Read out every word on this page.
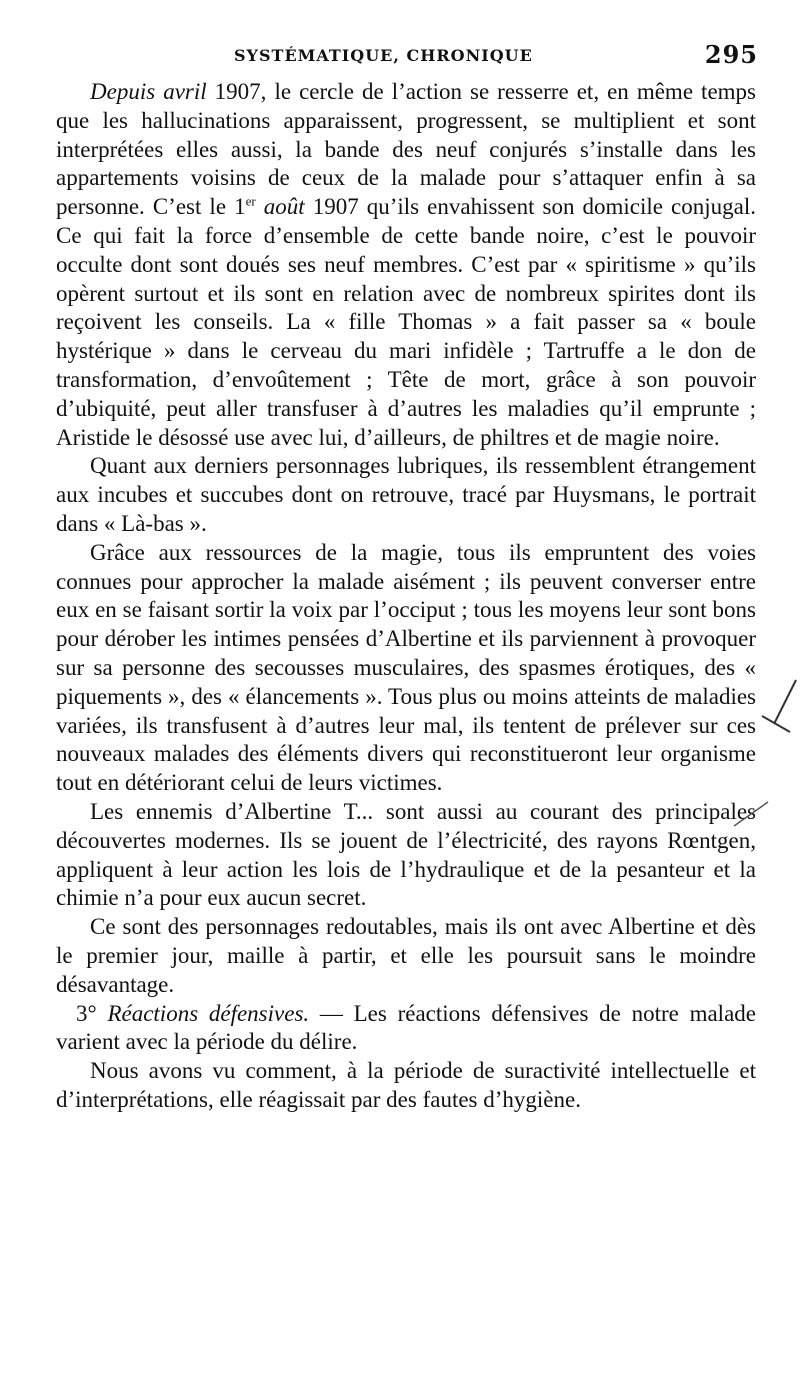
SYSTÉMATIQUE, CHRONIQUE	295

Depuis avril 1907, le cercle de l’action se resserre et, en même temps que les hallucinations apparaissent, progressent, se multiplient et sont interprétées elles aussi, la bande des neuf conjurés s’installe dans les appartements voisins de ceux de la malade pour s’attaquer enfin à sa personne. C’est le 1er août 1907 qu’ils envahissent son domicile conjugal. Ce qui fait la force d’ensemble de cette bande noire, c’est le pouvoir occulte dont sont doués ses neuf membres. C’est par « spiritisme » qu’ils opèrent surtout et ils sont en relation avec de nombreux spirites dont ils reçoivent les conseils. La « fille Thomas » a fait passer sa « boule hystérique » dans le cerveau du mari infidèle ; Tartruffe a le don de transformation, d’envoûtement ; Tête de mort, grâce à son pouvoir d’ubiquité, peut aller transfuser à d’autres les maladies qu’il emprunte ; Aristide le désossé use avec lui, d’ailleurs, de philtres et de magie noire.

Quant aux derniers personnages lubriques, ils ressemblent étrangement aux incubes et succubes dont on retrouve, tracé par Huysmans, le portrait dans « Là-bas ».

Grâce aux ressources de la magie, tous ils empruntent des voies connues pour approcher la malade aisément ; ils peuvent converser entre eux en se faisant sortir la voix par l’occiput ; tous les moyens leur sont bons pour dérober les intimes pensées d’Albertine et ils parviennent à provoquer sur sa personne des secousses musculaires, des spasmes érotiques, des « piquements », des « élancements ». Tous plus ou moins atteints de maladies variées, ils transfusent à d’autres leur mal, ils tentent de prélever sur ces nouveaux malades des éléments divers qui reconstitueront leur organisme tout en détériorant celui de leurs victimes.

Les ennemis d’Albertine T... sont aussi au courant des principales découvertes modernes. Ils se jouent de l’électricité, des rayons Rœntgen, appliquent à leur action les lois de l’hydraulique et de la pesanteur et la chimie n’a pour eux aucun secret.

Ce sont des personnages redoutables, mais ils ont avec Albertine et dès le premier jour, maille à partir, et elle les poursuit sans le moindre désavantage.

3° Réactions défensives. — Les réactions défensives de notre malade varient avec la période du délire.

Nous avons vu comment, à la période de suractivité intellectuelle et d’interprétations, elle réagissait par des fautes d’hygiène.
